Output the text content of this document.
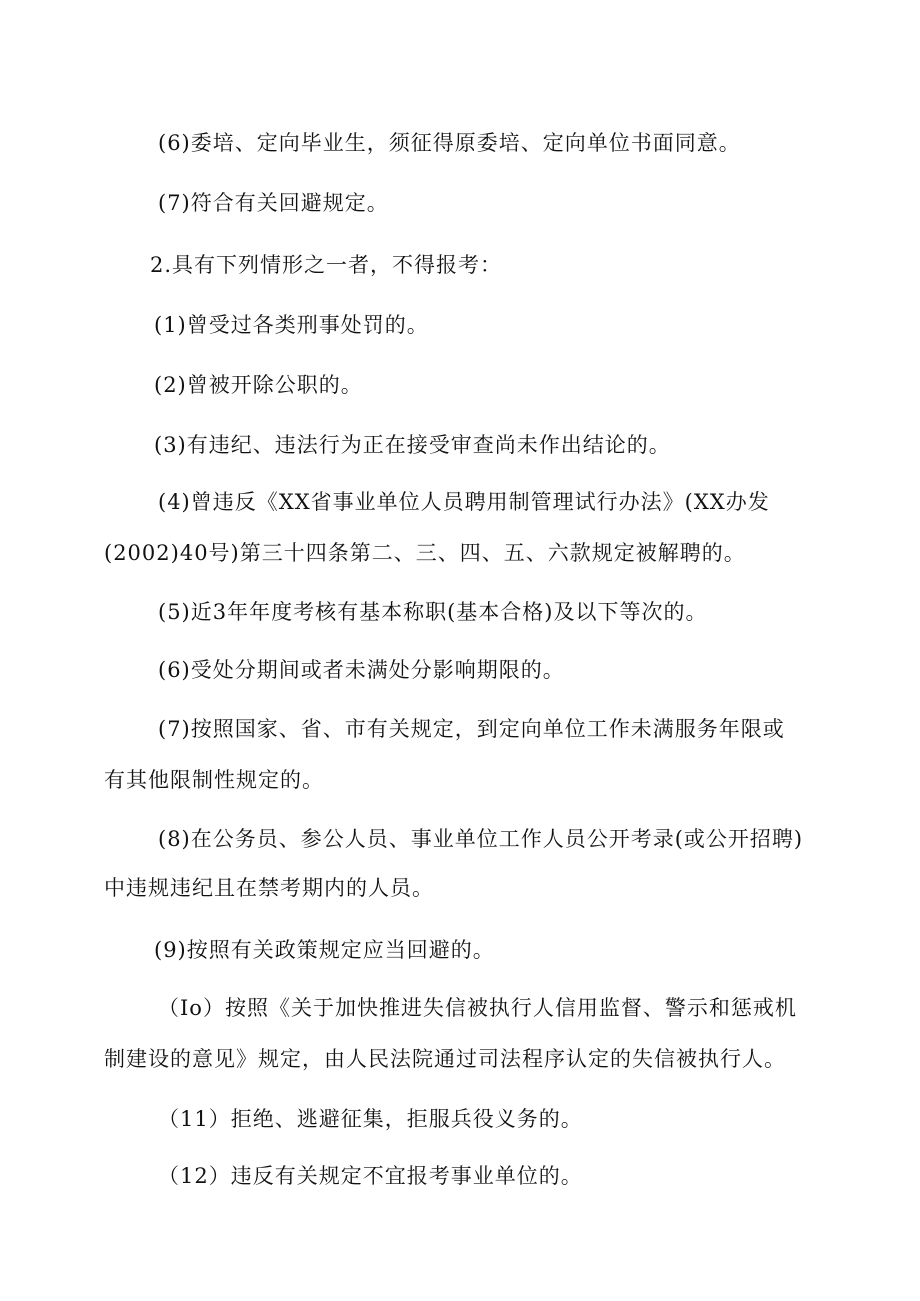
(6)委培、定向毕业生，须征得原委培、定向单位书面同意。
(7)符合有关回避规定。
2.具有下列情形之一者，不得报考：
(1)曾受过各类刑事处罚的。
(2)曾被开除公职的。
(3)有违纪、违法行为正在接受审查尚未作出结论的。
(4)曾违反《XX省事业单位人员聘用制管理试行办法》(XX办发
(2002)40号)第三十四条第二、三、四、五、六款规定被解聘的。
(5)近3年年度考核有基本称职(基本合格)及以下等次的。
(6)受处分期间或者未满处分影响期限的。
(7)按照国家、省、市有关规定，到定向单位工作未满服务年限或
有其他限制性规定的。
(8)在公务员、参公人员、事业单位工作人员公开考录(或公开招聘)
中违规违纪且在禁考期内的人员。
(9)按照有关政策规定应当回避的。
（Io）按照《关于加快推进失信被执行人信用监督、警示和惩戒机
制建设的意见》规定，由人民法院通过司法程序认定的失信被执行人。
（11）拒绝、逃避征集，拒服兵役义务的。
（12）违反有关规定不宜报考事业单位的。
